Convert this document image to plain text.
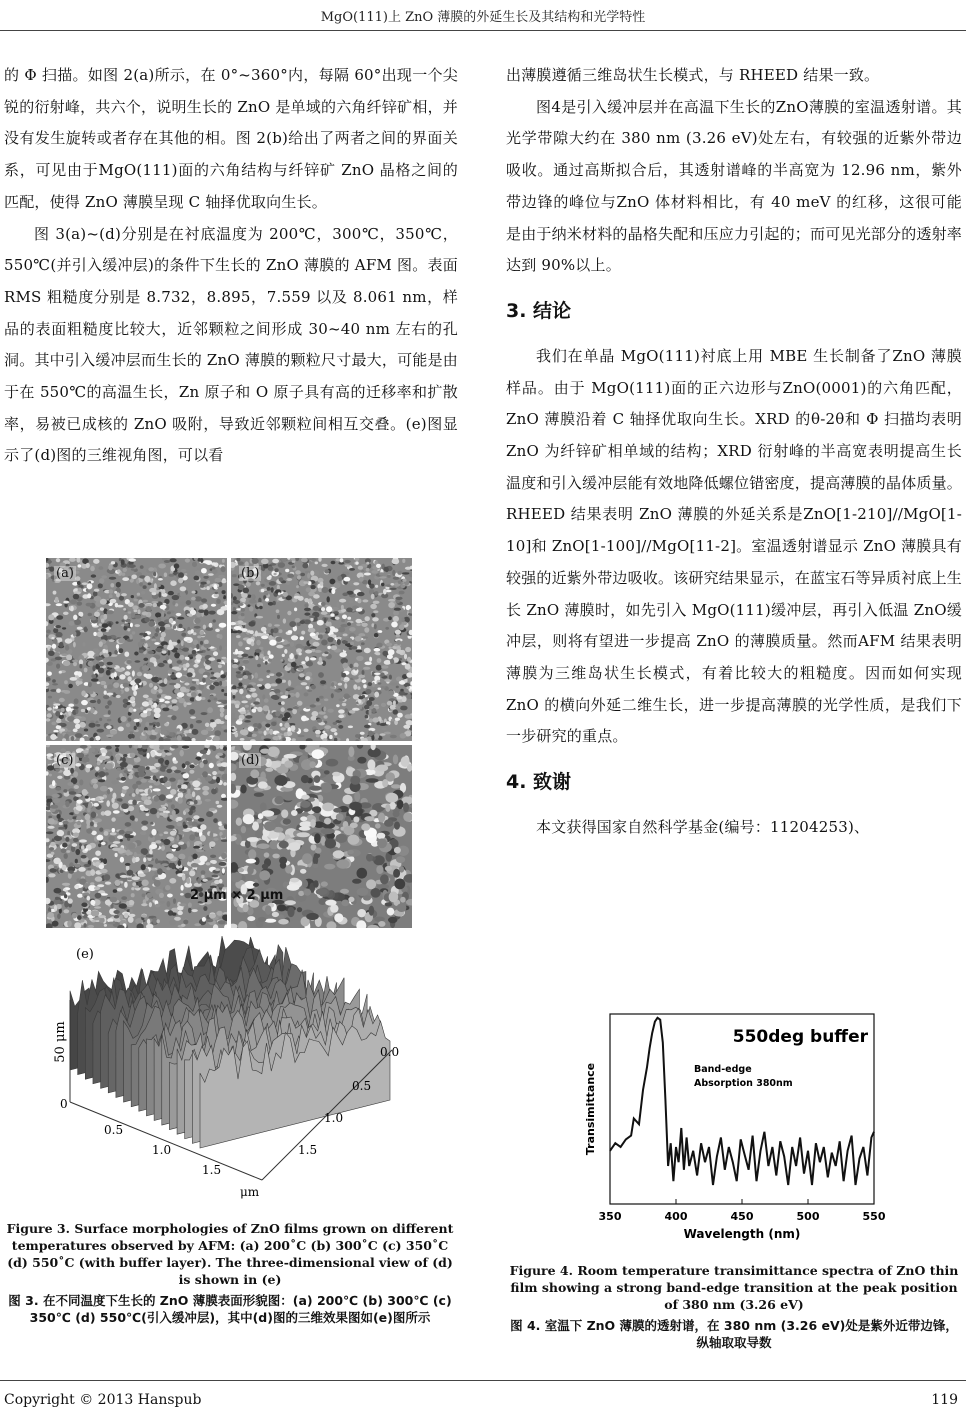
MgO(111)上 ZnO 薄膜的外延生长及其结构和光学特性

的 Φ 扫描。如图 2(a)所示，在 0°~360°内，每隔 60°出现一个尖锐的衍射峰，共六个，说明生长的 ZnO 是单域的六角纤锌矿相，并没有发生旋转或者存在其他的相。图 2(b)给出了两者之间的界面关系，可见由于MgO(111)面的六角结构与纤锌矿 ZnO 晶格之间的匹配，使得 ZnO 薄膜呈现 C 轴择优取向生长。

图 3(a)~(d)分别是在衬底温度为 200℃，300℃，350℃，550℃(并引入缓冲层)的条件下生长的 ZnO 薄膜的 AFM 图。表面 RMS 粗糙度分别是 8.732，8.895，7.559 以及 8.061 nm，样品的表面粗糙度比较大，近邻颗粒之间形成 30~40 nm 左右的孔洞。其中引入缓冲层而生长的 ZnO 薄膜的颗粒尺寸最大，可能是由于在 550℃的高温生长，Zn 原子和 O 原子具有高的迁移率和扩散率，易被已成核的 ZnO 吸附，导致近邻颗粒间相互交叠。(e)图显示了(d)图的三维视角图，可以看

(a)	(b)
(c)	(d)
2 μm × 2 μm
(e)
50 μm
0
0.5
1.0
1.5
0.0
0.5
1.0
1.5
μm
Figure 3. Surface morphologies of ZnO films grown on different temperatures observed by AFM: (a) 200˚C (b) 300˚C (c) 350˚C (d) 550˚C (with buffer layer). The three-dimensional view of (d) is shown in (e)
图 3. 在不同温度下生长的 ZnO 薄膜表面形貌图：(a) 200℃ (b) 300℃ (c) 350℃ (d) 550℃(引入缓冲层)，其中(d)图的三维效果图如(e)图所示

出薄膜遵循三维岛状生长模式，与 RHEED 结果一致。

图4是引入缓冲层并在高温下生长的ZnO薄膜的室温透射谱。其光学带隙大约在 380 nm (3.26 eV)处左右，有较强的近紫外带边吸收。通过高斯拟合后，其透射谱峰的半高宽为 12.96 nm，紫外带边锋的峰位与ZnO 体材料相比，有 40 meV 的红移，这很可能是由于纳米材料的晶格失配和压应力引起的；而可见光部分的透射率达到 90%以上。

3. 结论

我们在单晶 MgO(111)衬底上用 MBE 生长制备了ZnO 薄膜样品。由于 MgO(111)面的正六边形与ZnO(0001)的六角匹配，ZnO 薄膜沿着 C 轴择优取向生长。XRD 的θ-2θ和 Φ 扫描均表明 ZnO 为纤锌矿相单域的结构；XRD 衍射峰的半高宽表明提高生长温度和引入缓冲层能有效地降低螺位错密度，提高薄膜的晶体质量。RHEED 结果表明 ZnO 薄膜的外延关系是ZnO[1-210]//MgO[1-10]和 ZnO[1-100]//MgO[11-2]。室温透射谱显示 ZnO 薄膜具有较强的近紫外带边吸收。该研究结果显示，在蓝宝石等异质衬底上生长 ZnO 薄膜时，如先引入 MgO(111)缓冲层，再引入低温 ZnO缓冲层，则将有望进一步提高 ZnO 的薄膜质量。然而AFM 结果表明薄膜为三维岛状生长模式，有着比较大的粗糙度。因而如何实现 ZnO 的横向外延二维生长，进一步提高薄膜的光学性质，是我们下一步研究的重点。

4. 致谢

本文获得国家自然科学基金(编号：11204253)、

550deg buffer
Band-edge
Absorption 380nm
Transimittance
Wavelength (nm)
350	400	450	500	550
Figure 4. Room temperature transimittance spectra of ZnO thin film showing a strong band-edge transition at the peak position of 380 nm (3.26 eV)
图 4. 室温下 ZnO 薄膜的透射谱，在 380 nm (3.26 eV)处是紫外近带边锋，纵轴取取导数
Copyright © 2013 Hanspub	119
